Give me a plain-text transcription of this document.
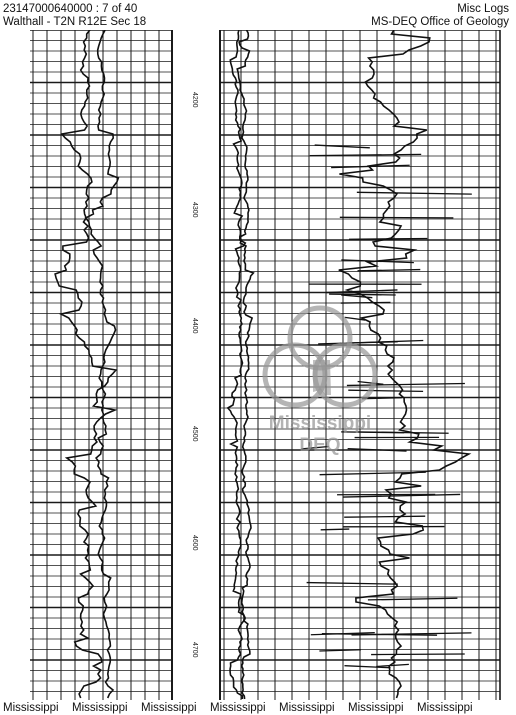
23147000640000 : 7 of 40
Walthall - T2N R12E Sec 18
Misc Logs
MS-DEQ Office of Geology
4200
4300
4400
4500
4600
4700
Mississippi
DEQ
Mississippi	Mississippi	Mississippi	Mississippi	Mississippi	Mississippi	Mississippi
